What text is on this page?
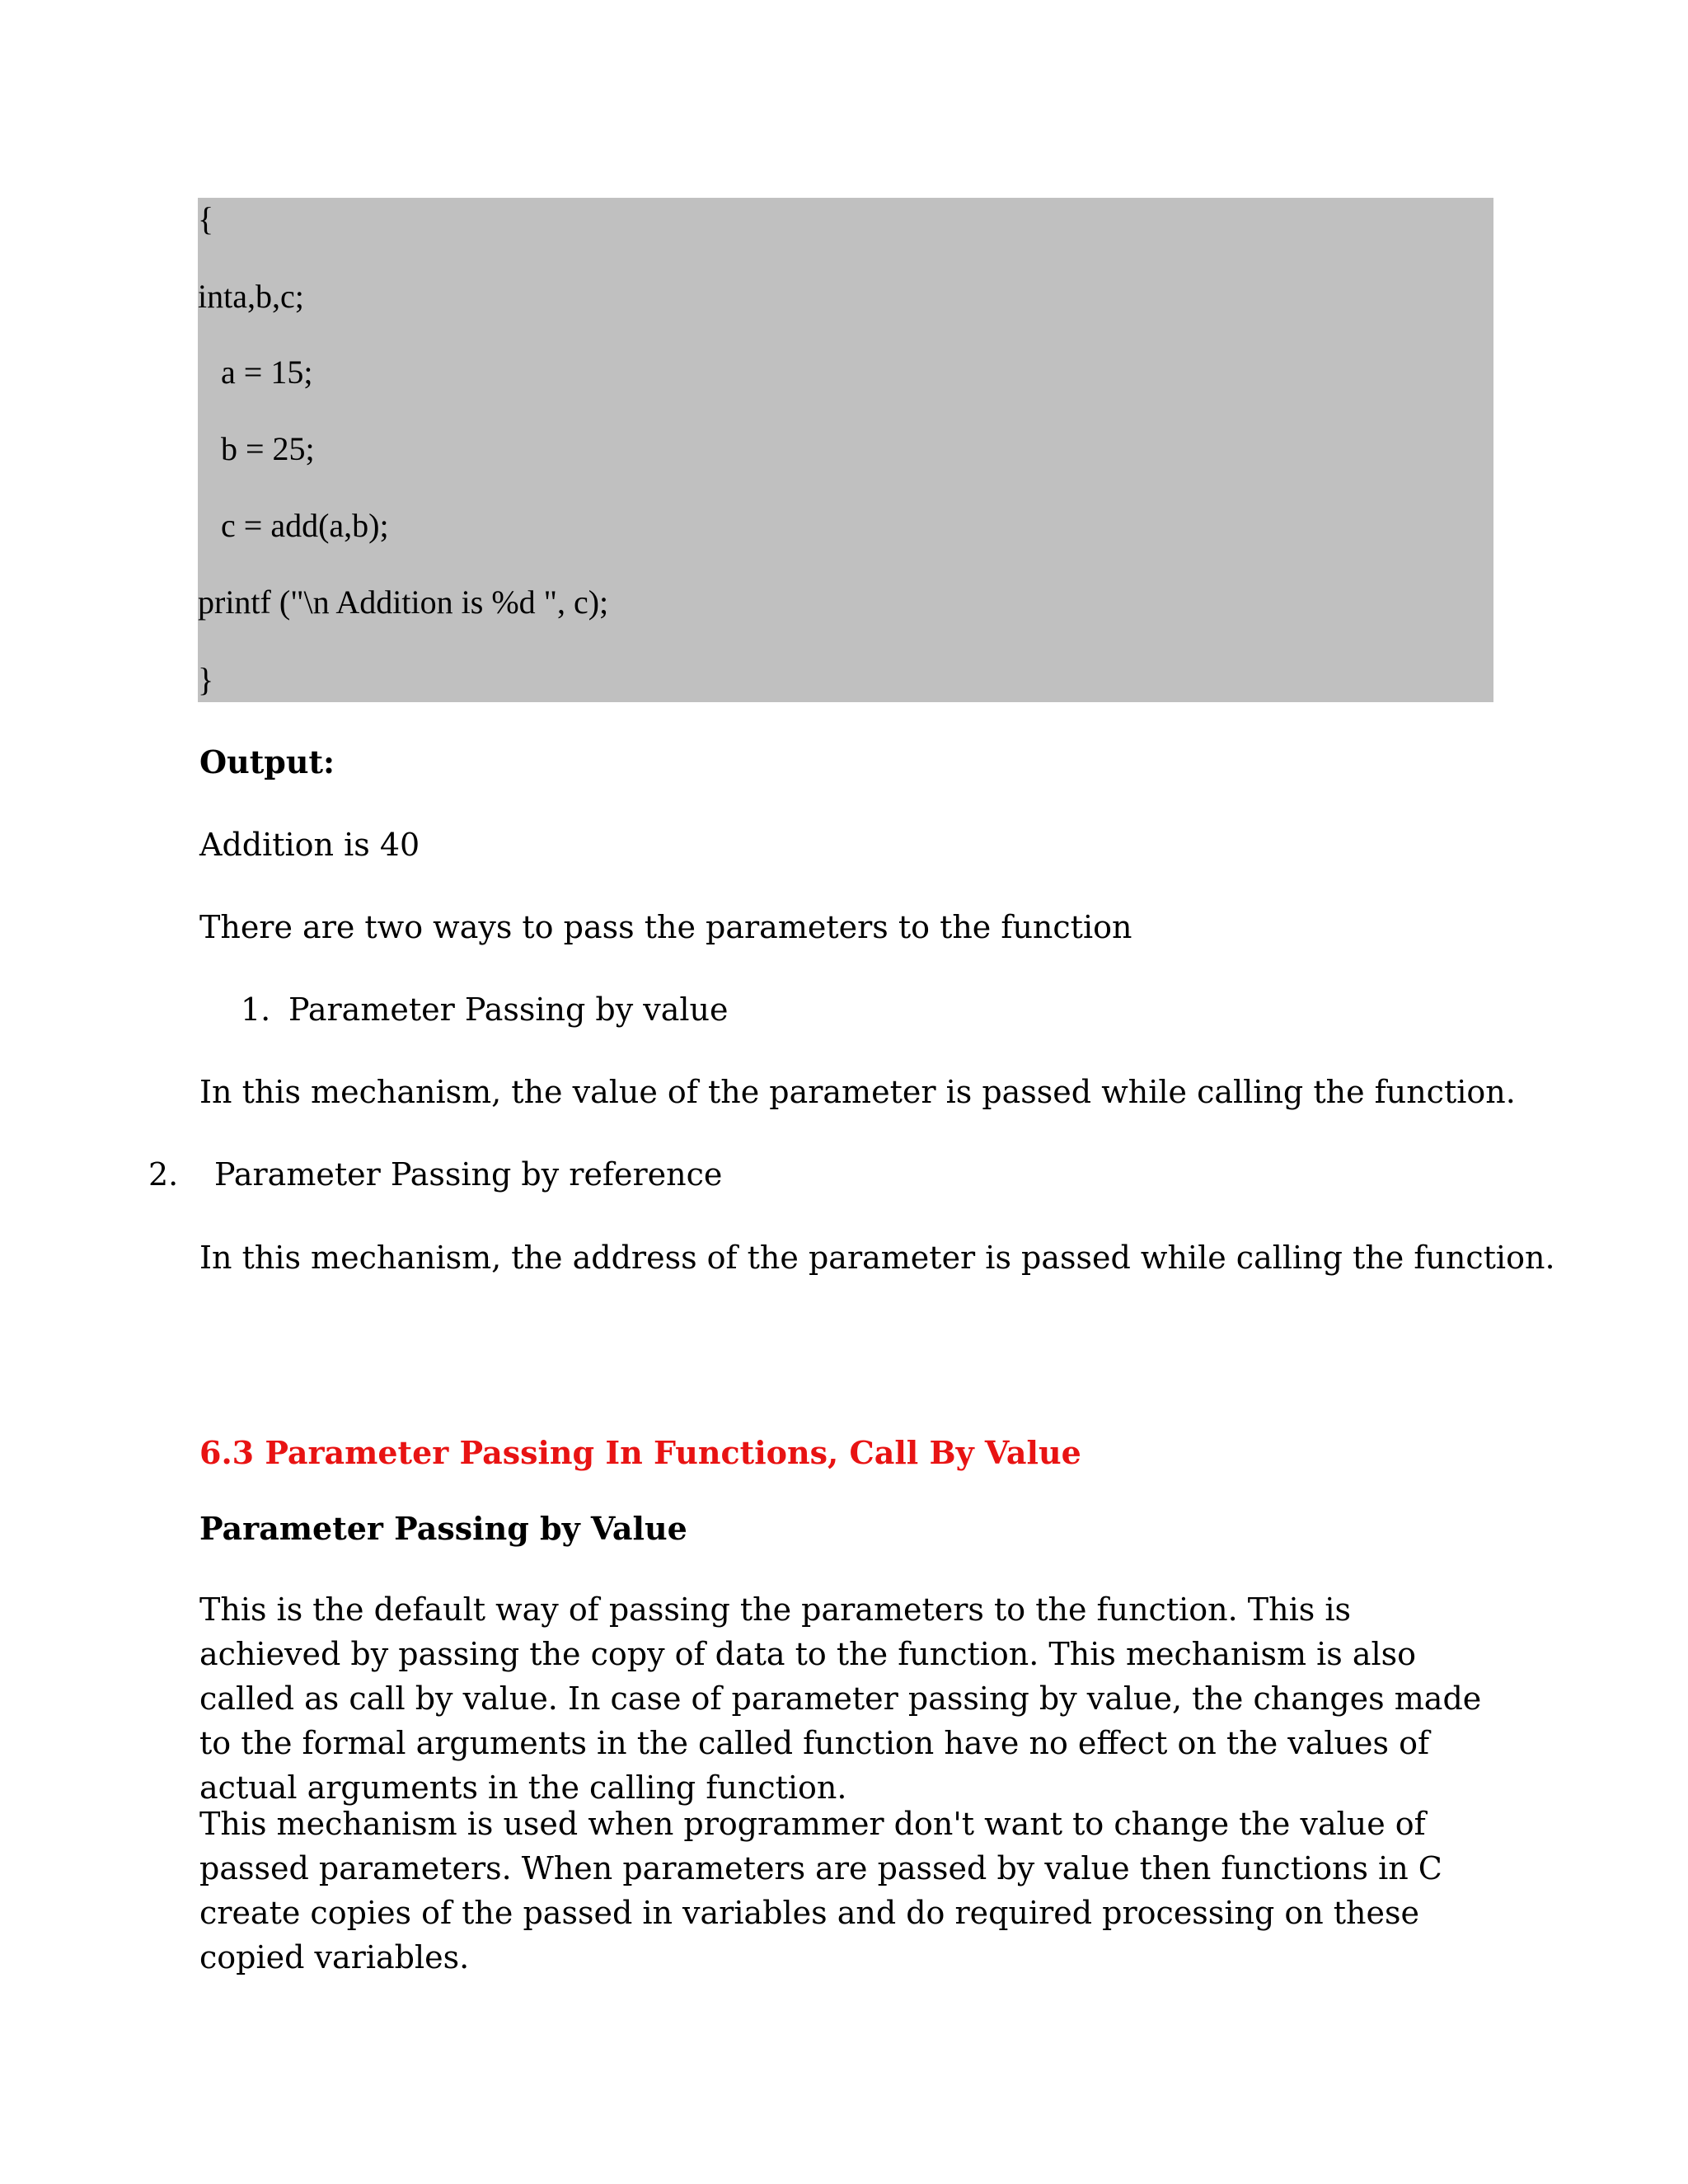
{
inta,b,c;
a = 15;
b = 25;
c = add(a,b);
printf ("\n Addition is %d ", c);
}
Output:
Addition is 40
There are two ways to pass the parameters to the function
1. Parameter Passing by value
In this mechanism, the value of the parameter is passed while calling the function.
2. Parameter Passing by reference
In this mechanism, the address of the parameter is passed while calling the function.
6.3 Parameter Passing In Functions, Call By Value
Parameter Passing by Value
This is the default way of passing the parameters to the function. This is achieved by passing the copy of data to the function. This mechanism is also called as call by value. In case of parameter passing by value, the changes made to the formal arguments in the called function have no effect on the values of actual arguments in the calling function.
This mechanism is used when programmer don't want to change the value of passed parameters. When parameters are passed by value then functions in C create copies of the passed in variables and do required processing on these copied variables.
